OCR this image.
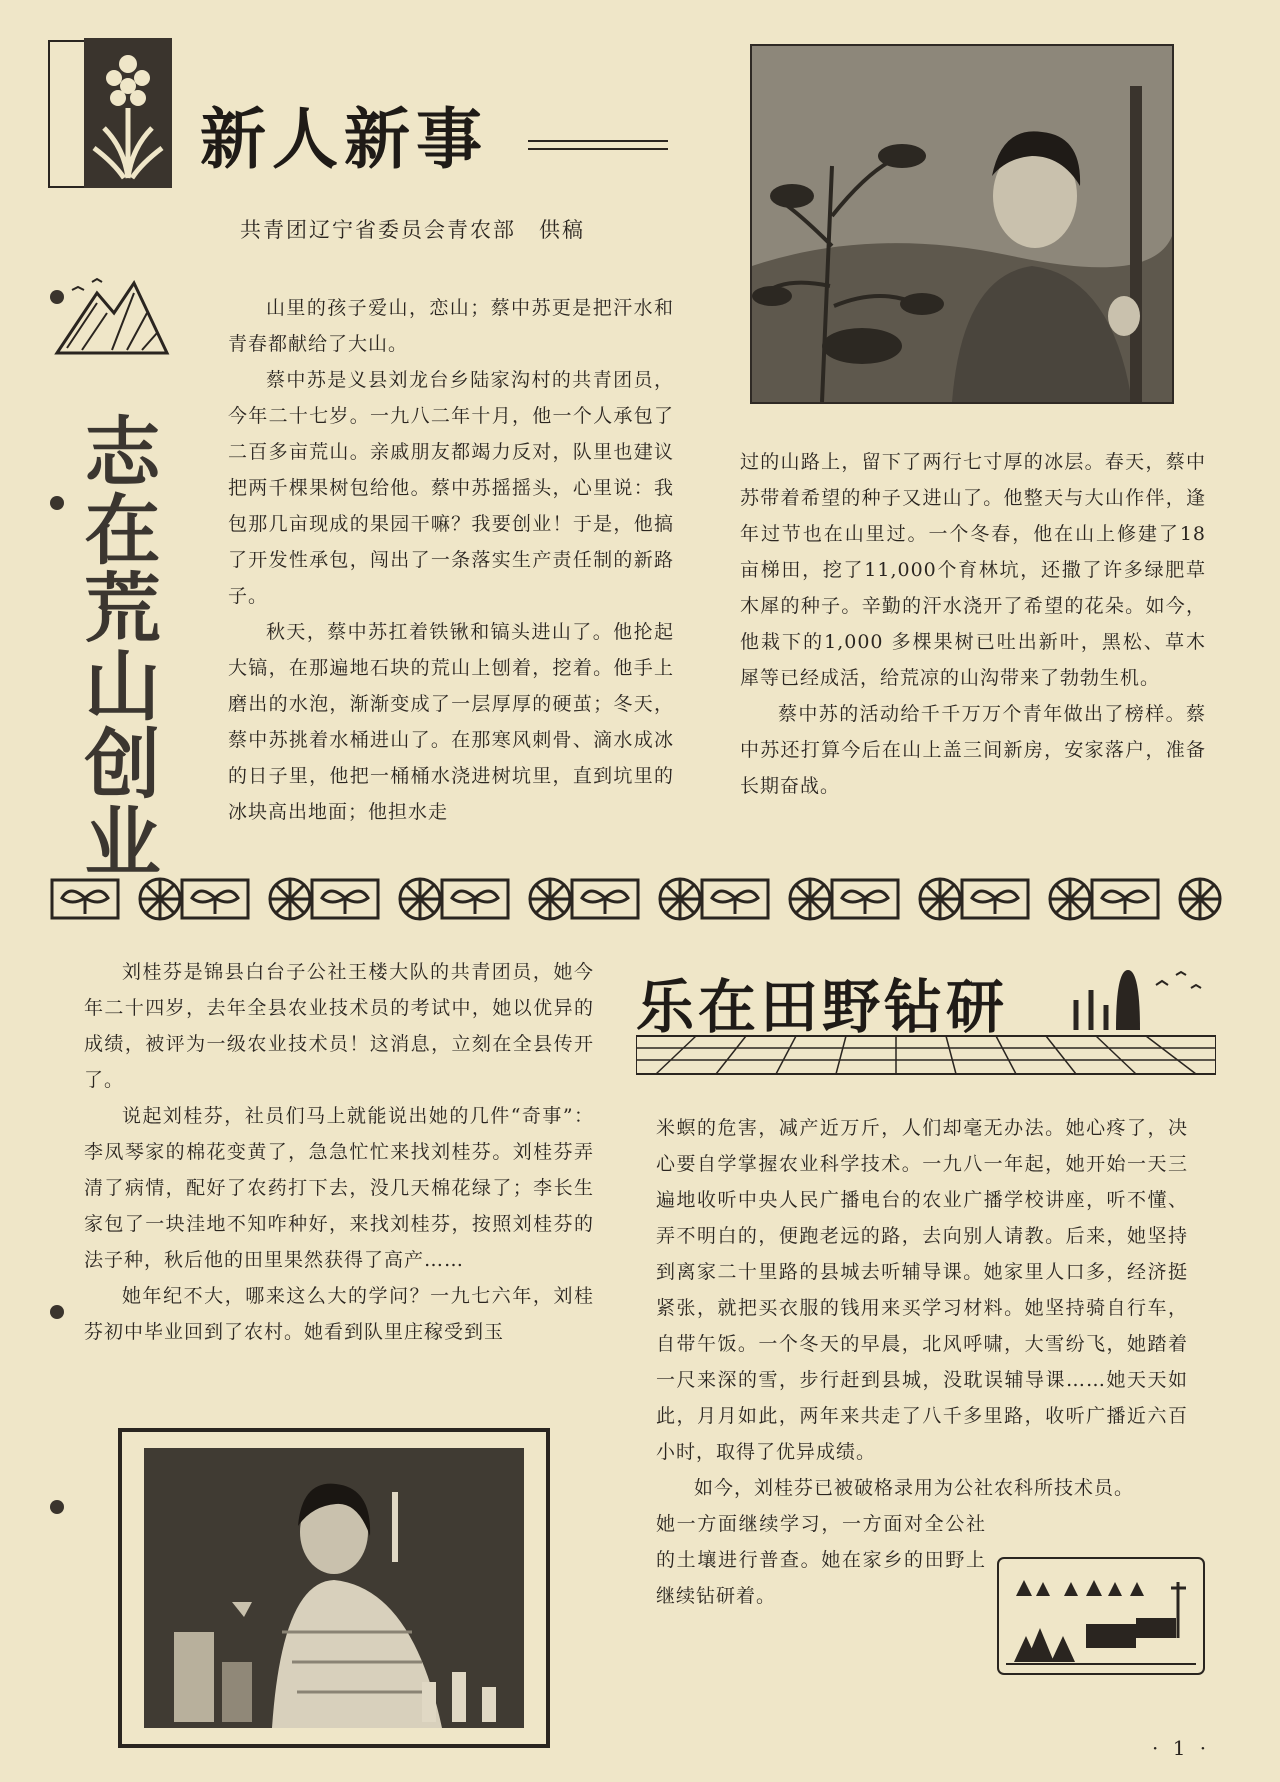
新人新事
共青团辽宁省委员会青农部　供稿
志在荒山创业

山里的孩子爱山，恋山；蔡中苏更是把汗水和青春都献给了大山。

蔡中苏是义县刘龙台乡陆家沟村的共青团员，今年二十七岁。一九八二年十月，他一个人承包了二百多亩荒山。亲戚朋友都竭力反对，队里也建议把两千棵果树包给他。蔡中苏摇摇头，心里说：我包那几亩现成的果园干嘛？我要创业！于是，他搞了开发性承包，闯出了一条落实生产责任制的新路子。

秋天，蔡中苏扛着铁锹和镐头进山了。他抡起大镐，在那遍地石块的荒山上刨着，挖着。他手上磨出的水泡，渐渐变成了一层厚厚的硬茧；冬天，蔡中苏挑着水桶进山了。在那寒风刺骨、滴水成冰的日子里，他把一桶桶水浇进树坑里，直到坑里的冰块高出地面；他担水走

过的山路上，留下了两行七寸厚的冰层。春天，蔡中苏带着希望的种子又进山了。他整天与大山作伴，逢年过节也在山里过。一个冬春，他在山上修建了18亩梯田，挖了11,000个育林坑，还撒了许多绿肥草木犀的种子。辛勤的汗水浇开了希望的花朵。如今，他栽下的1,000 多棵果树已吐出新叶，黑松、草木犀等已经成活，给荒凉的山沟带来了勃勃生机。

蔡中苏的活动给千千万万个青年做出了榜样。蔡中苏还打算今后在山上盖三间新房，安家落户，准备长期奋战。

刘桂芬是锦县白台子公社王楼大队的共青团员，她今年二十四岁，去年全县农业技术员的考试中，她以优异的成绩，被评为一级农业技术员！这消息，立刻在全县传开了。

说起刘桂芬，社员们马上就能说出她的几件“奇事”：李凤琴家的棉花变黄了，急急忙忙来找刘桂芬。刘桂芬弄清了病情，配好了农药打下去，没几天棉花绿了；李长生家包了一块洼地不知咋种好，来找刘桂芬，按照刘桂芬的法子种，秋后他的田里果然获得了高产……

她年纪不大，哪来这么大的学问？一九七六年，刘桂芬初中毕业回到了农村。她看到队里庄稼受到玉

乐在田野钻研

米螟的危害，减产近万斤，人们却毫无办法。她心疼了，决心要自学掌握农业科学技术。一九八一年起，她开始一天三遍地收听中央人民广播电台的农业广播学校讲座，听不懂、弄不明白的，便跑老远的路，去向别人请教。后来，她坚持到离家二十里路的县城去听辅导课。她家里人口多，经济挺紧张，就把买衣服的钱用来买学习材料。她坚持骑自行车，自带午饭。一个冬天的早晨，北风呼啸，大雪纷飞，她踏着一尺来深的雪，步行赶到县城，没耽误辅导课……她天天如此，月月如此，两年来共走了八千多里路，收听广播近六百小时，取得了优异成绩。

如今，刘桂芬已被破格录用为公社农科所技术员。

她一方面继续学习，一方面对全公社的土壤进行普查。她在家乡的田野上继续钻研着。

· 1 ·
